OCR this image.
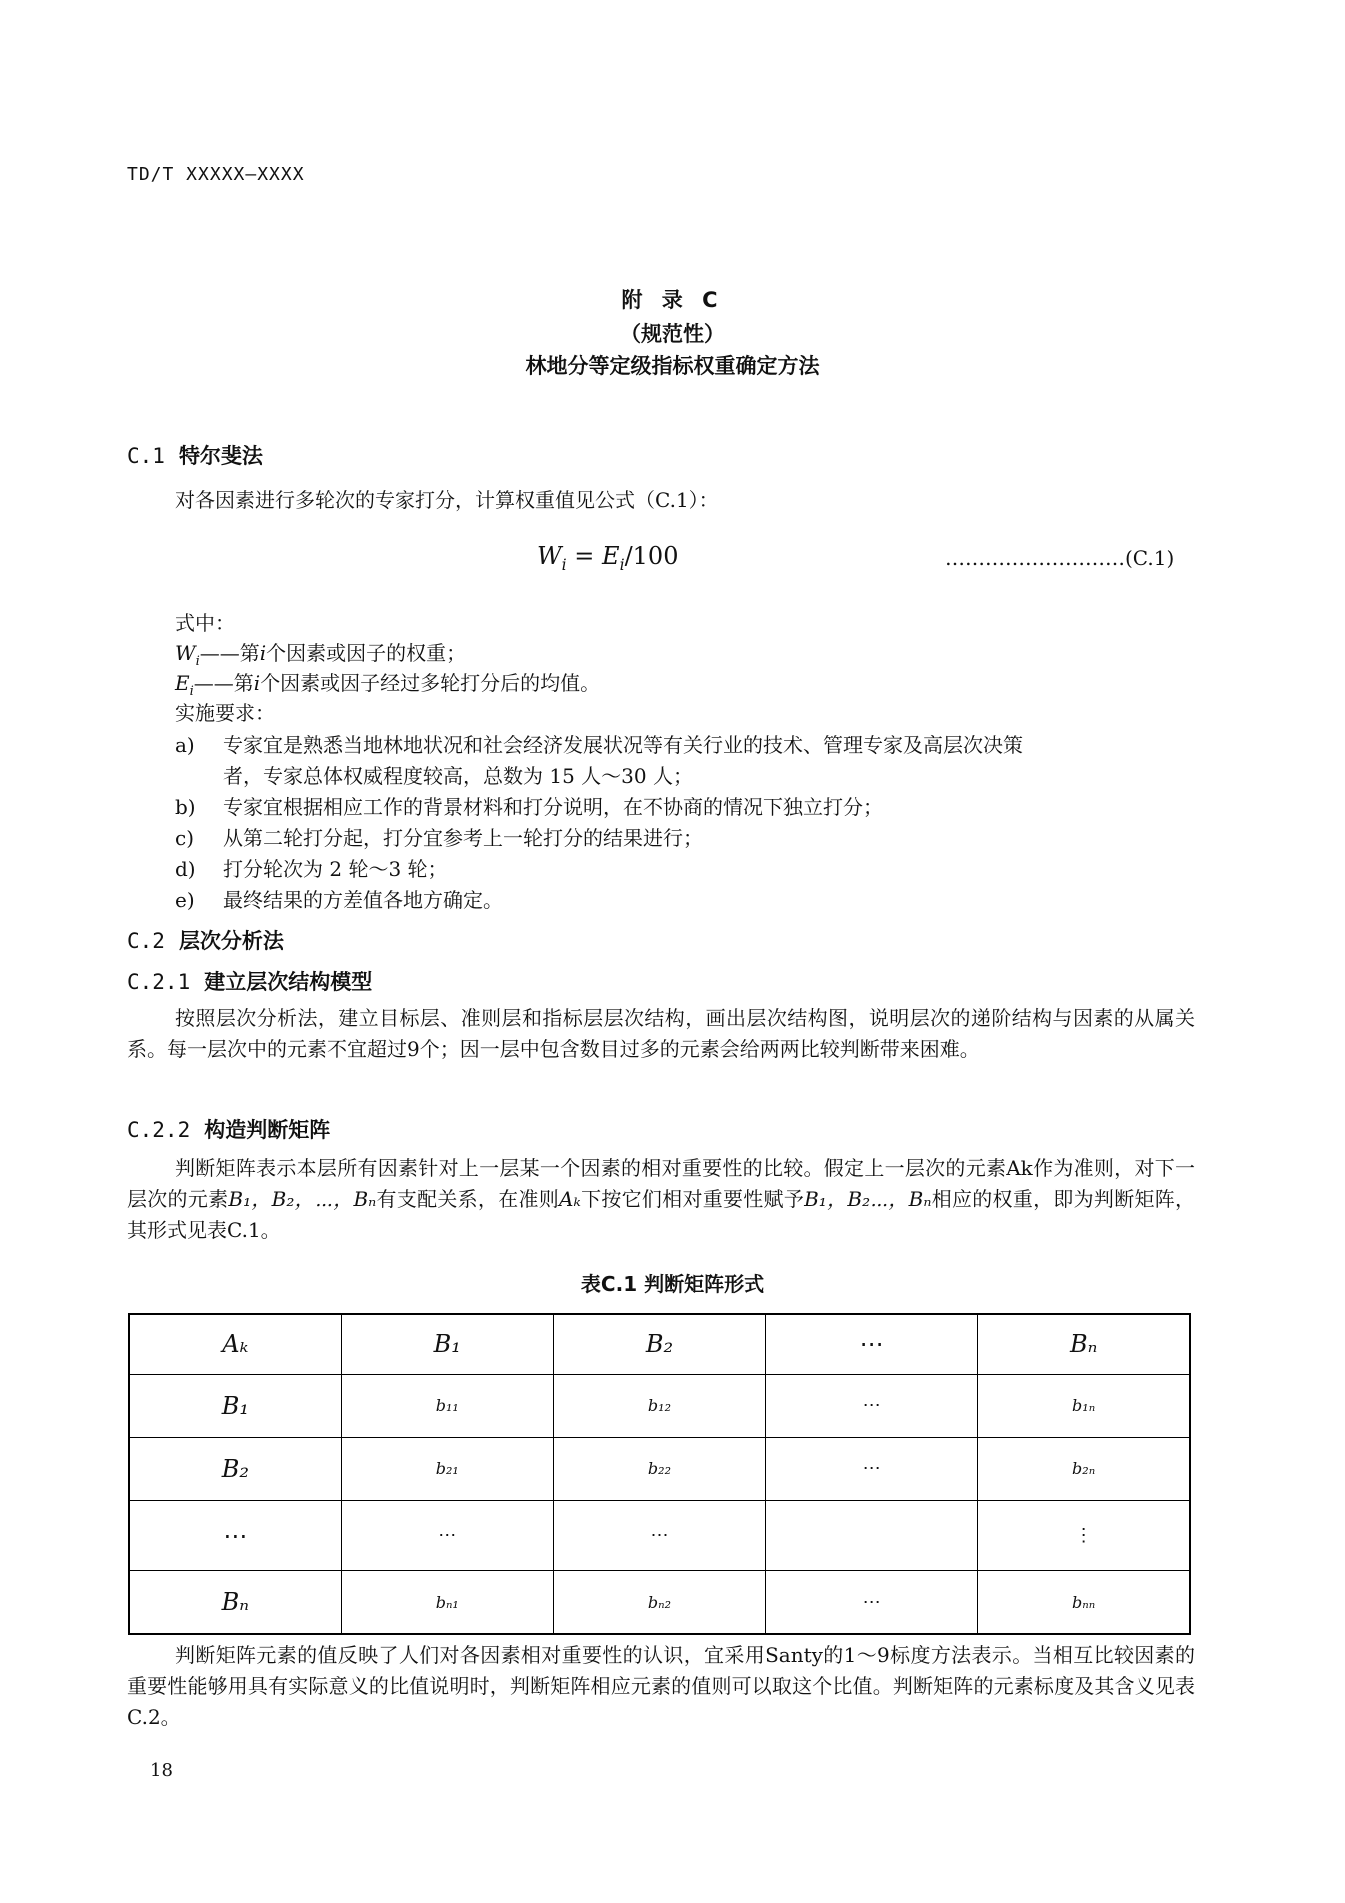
TD/T XXXXX—XXXX
附 录 C
（规范性）
林地分等定级指标权重确定方法
C.1 特尔斐法
对各因素进行多轮次的专家打分，计算权重值见公式（C.1）：
$W_i = E_i/100$	………………………(C.1)
式中：
$W_i——$第i个因素或因子的权重；
$E_i——$第i个因素或因子经过多轮打分后的均值。
实施要求：
a) 专家宜是熟悉当地林地状况和社会经济发展状况等有关行业的技术、管理专家及高层次决策
者，专家总体权威程度较高，总数为 15 人～30 人；
b) 专家宜根据相应工作的背景材料和打分说明，在不协商的情况下独立打分；
c) 从第二轮打分起，打分宜参考上一轮打分的结果进行；
d) 打分轮次为 2 轮～3 轮；
e) 最终结果的方差值各地方确定。
C.2 层次分析法
C.2.1 建立层次结构模型
按照层次分析法，建立目标层、准则层和指标层层次结构，画出层次结构图，说明层次的递阶结构与因素的从属关系。每一层次中的元素不宜超过9个；因一层中包含数目过多的元素会给两两比较判断带来困难。
C.2.2 构造判断矩阵
判断矩阵表示本层所有因素针对上一层某一个因素的相对重要性的比较。假定上一层次的元素Ak作为准则，对下一层次的元素B₁，B₂，⋯，Bₙ有支配关系，在准则Aₖ下按它们相对重要性赋予B₁，B₂⋯，Bₙ相应的权重，即为判断矩阵，其形式见表C.1。
表C.1 判断矩阵形式
Aₖ	B₁	B₂	⋯	Bₙ
B₁	b₁₁	b₁₂	⋯	b₁ₙ
B₂	b₂₁	b₂₂	⋯	b₂ₙ
⋯	⋯	⋯		⋮
Bₙ	bₙ₁	bₙ₂	⋯	bₙₙ
判断矩阵元素的值反映了人们对各因素相对重要性的认识，宜采用Santy的1～9标度方法表示。当相互比较因素的重要性能够用具有实际意义的比值说明时，判断矩阵相应元素的值则可以取这个比值。判断矩阵的元素标度及其含义见表C.2。
18
